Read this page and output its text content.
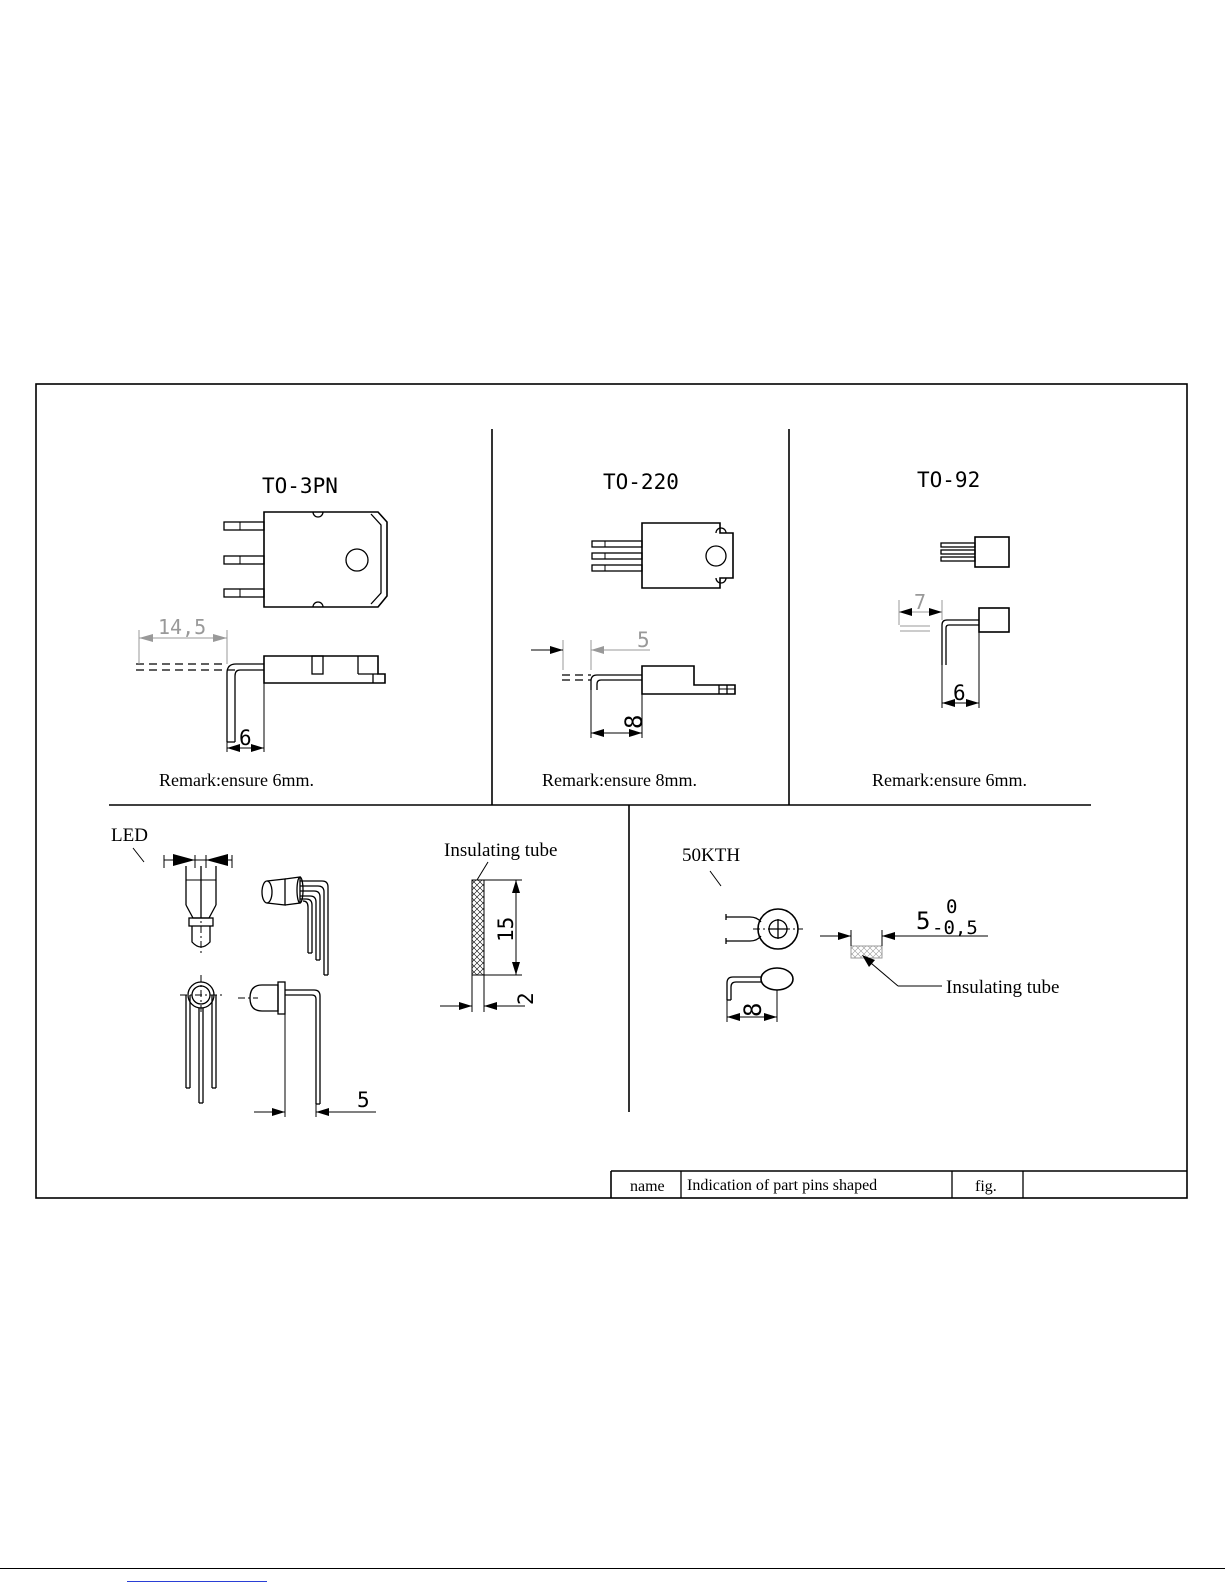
TO-3PN
14,5
6
Remark:ensure 6mm.
TO-220
5
8
Remark:ensure 8mm.
TO-92
7
6
Remark:ensure 6mm.
LED
5
Insulating tube
15
2
50KTH
8
5 0
-0,5
Insulating tube
name Indication of part pins shaped	fig.
